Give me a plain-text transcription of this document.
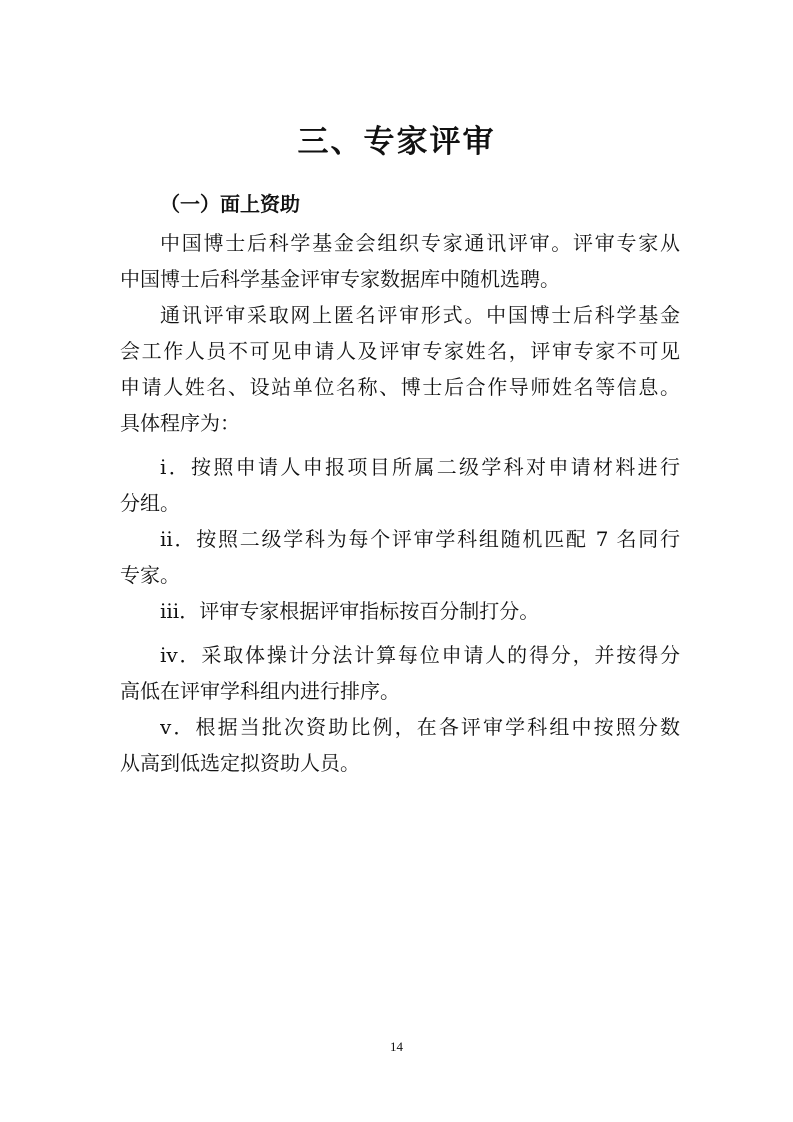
三、专家评审
（一）面上资助
中国博士后科学基金会组织专家通讯评审。评审专家从
中国博士后科学基金评审专家数据库中随机选聘。
通讯评审采取网上匿名评审形式。中国博士后科学基金
会工作人员不可见申请人及评审专家姓名，评审专家不可见
申请人姓名、设站单位名称、博士后合作导师姓名等信息。
具体程序为：
i．按照申请人申报项目所属二级学科对申请材料进行
分组。
ii．按照二级学科为每个评审学科组随机匹配 7 名同行
专家。
iii．评审专家根据评审指标按百分制打分。
iv．采取体操计分法计算每位申请人的得分，并按得分
高低在评审学科组内进行排序。
v．根据当批次资助比例，在各评审学科组中按照分数
从高到低选定拟资助人员。
14
